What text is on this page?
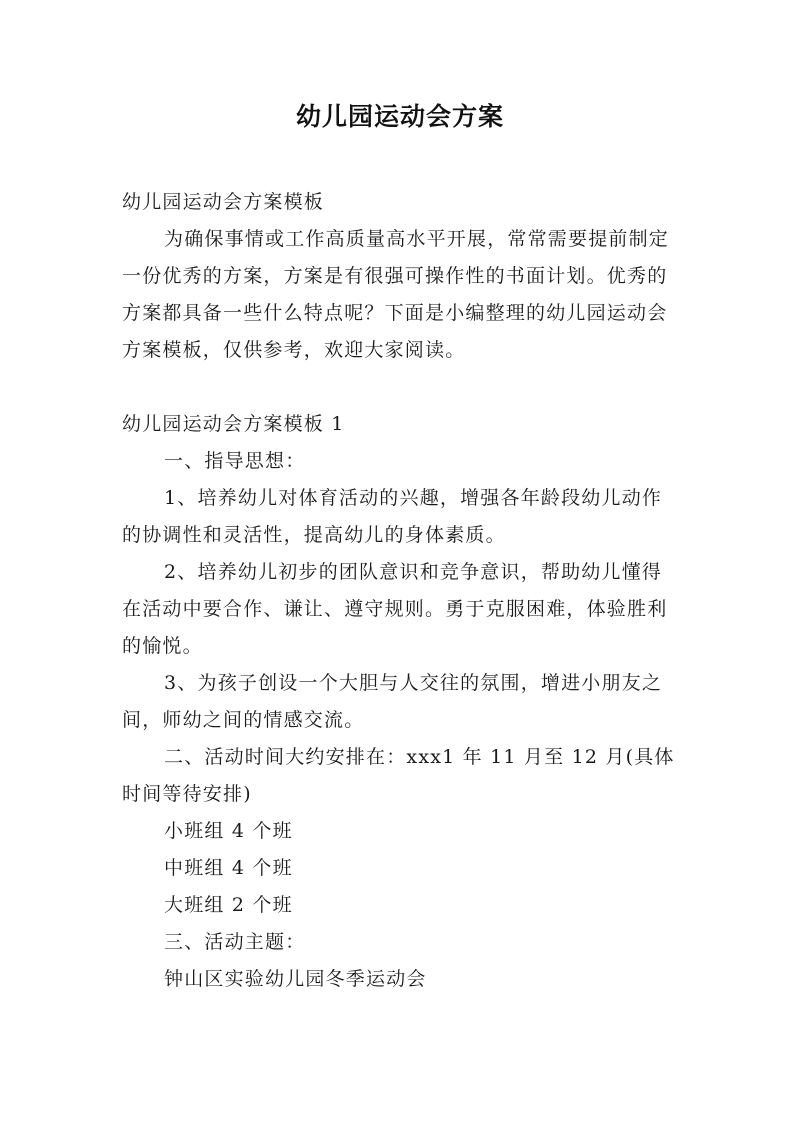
幼儿园运动会方案

幼儿园运动会方案模板

为确保事情或工作高质量高水平开展，常常需要提前制定一份优秀的方案，方案是有很强可操作性的书面计划。优秀的方案都具备一些什么特点呢？下面是小编整理的幼儿园运动会方案模板，仅供参考，欢迎大家阅读。

幼儿园运动会方案模板 1

一、指导思想：

1、培养幼儿对体育活动的兴趣，增强各年龄段幼儿动作的协调性和灵活性，提高幼儿的身体素质。

2、培养幼儿初步的团队意识和竞争意识，帮助幼儿懂得在活动中要合作、谦让、遵守规则。勇于克服困难，体验胜利的愉悦。

3、为孩子创设一个大胆与人交往的氛围，增进小朋友之间，师幼之间的情感交流。

二、活动时间大约安排在：xxx1 年 11 月至 12 月(具体时间等待安排)

小班组 4 个班

中班组 4 个班

大班组 2 个班

三、活动主题：

钟山区实验幼儿园冬季运动会
